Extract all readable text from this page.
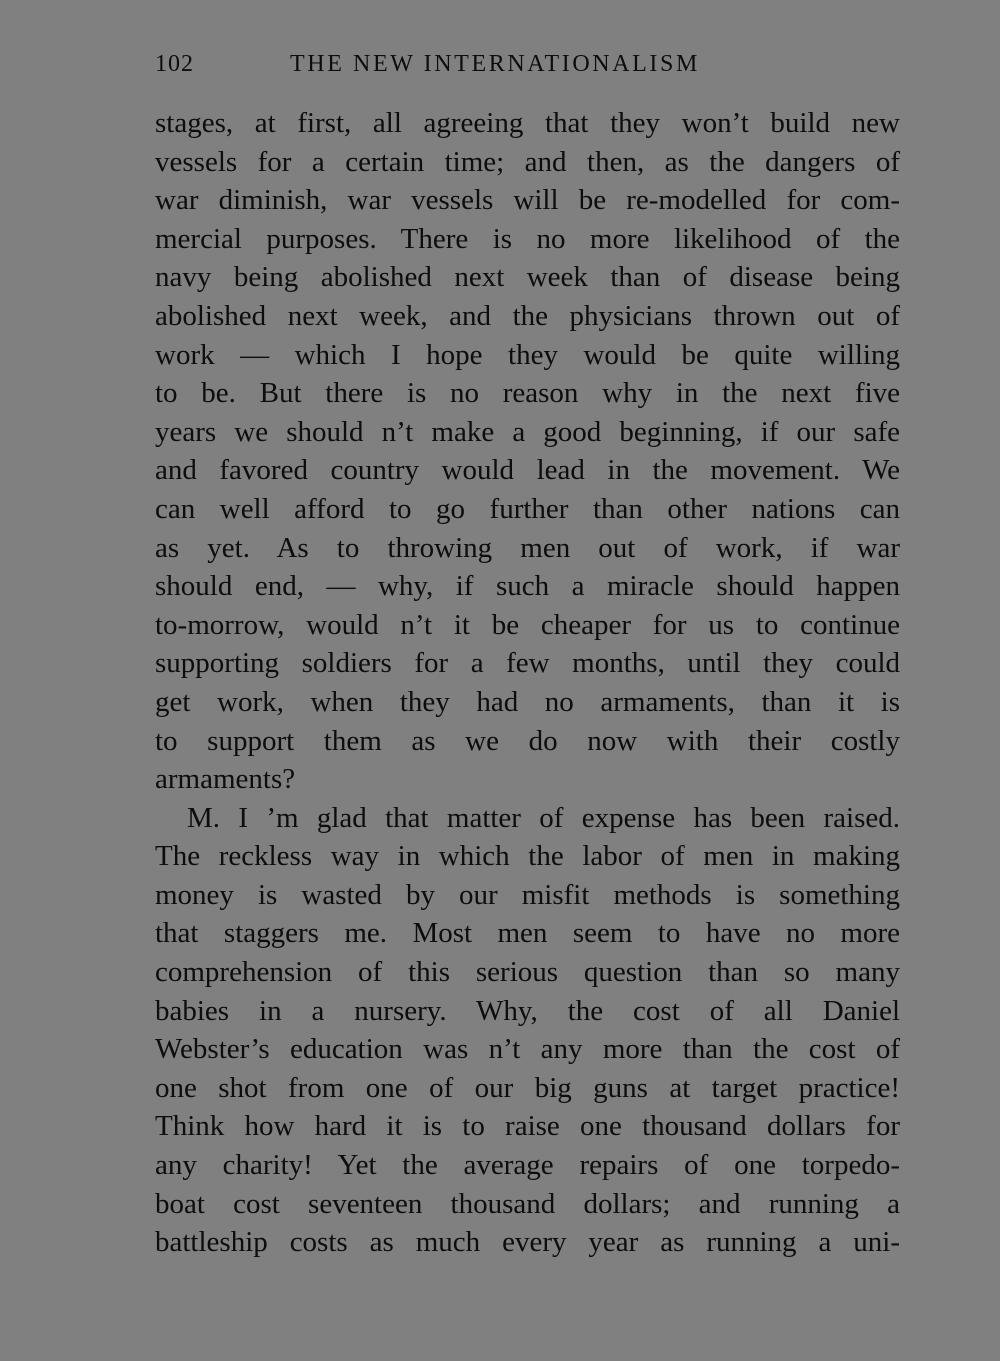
102	THE NEW INTERNATIONALISM
stages, at first, all agreeing that they won’t build new
vessels for a certain time; and then, as the dangers of
war diminish, war vessels will be re-modelled for com-
mercial purposes. There is no more likelihood of the
navy being abolished next week than of disease being
abolished next week, and the physicians thrown out of
work — which I hope they would be quite willing
to be. But there is no reason why in the next five
years we should n’t make a good beginning, if our safe
and favored country would lead in the movement. We
can well afford to go further than other nations can
as yet. As to throwing men out of work, if war
should end, — why, if such a miracle should happen
to-morrow, would n’t it be cheaper for us to continue
supporting soldiers for a few months, until they could
get work, when they had no armaments, than it is
to support them as we do now with their costly
armaments?
M. I ’m glad that matter of expense has been raised.
The reckless way in which the labor of men in making
money is wasted by our misfit methods is something
that staggers me. Most men seem to have no more
comprehension of this serious question than so many
babies in a nursery. Why, the cost of all Daniel
Webster’s education was n’t any more than the cost of
one shot from one of our big guns at target practice!
Think how hard it is to raise one thousand dollars for
any charity! Yet the average repairs of one torpedo-
boat cost seventeen thousand dollars; and running a
battleship costs as much every year as running a uni-
